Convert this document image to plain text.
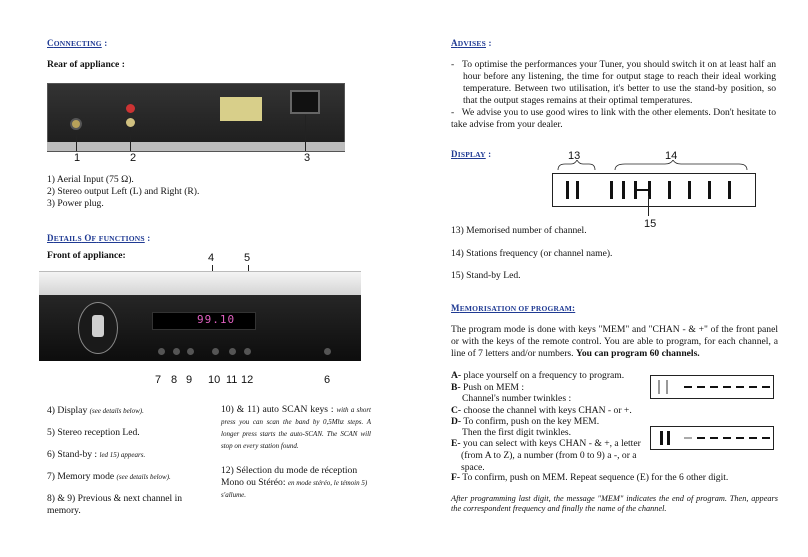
CONNECTING :
Rear of appliance :
1	2	3
1) Aerial Input (75 Ω).
2) Stereo output Left (L) and Right (R).
3) Power plug.
DETAILS OF FUNCTIONS :
Front of appliance:	4	5
99.10
7 8 9 10 11 12	6
4) Display (see details below).
5) Stereo reception Led.
6) Stand-by : led 15) appears.
7) Memory mode (see details below).
8) & 9) Previous & next channel in memory.
10) & 11) auto SCAN keys : with a short press you can scan the band by 0,5Mhz steps. A longer press starts the auto-SCAN. The SCAN will stop on every station found.
12) Sélection du mode de réception Mono ou Stéréo: en mode stéréo, le témoin 5) s'allume.
ADVISES :
-   To optimise the performances your Tuner, you should switch it on at least half an hour before any listening, the time for output stage to reach their ideal working temperature. Between two utilisation, it's better to use the stand-by position, so that the output stages remains at their optimal temperatures.
-   We advise you to use good wires to link with the other elements. Don't hesitate to take advise from your dealer.
DISPLAY :	13	14
15
13) Memorised number of channel.
14) Stations frequency (or channel name).
15) Stand-by Led.
MEMORISATION OF PROGRAM:
The program mode is done with keys "MEM" and "CHAN - & +" of the front panel or with the keys of the remote control. You are able to program, for each channel, a line of 7 letters and/or numbers. You can program 60 channels.
A- place yourself on a frequency to program.
B- Push on MEM :
Channel's number twinkles :
C- choose the channel with keys CHAN - or +.
D- To confirm, push on the key MEM.
Then the first digit twinkles.
E- you can select with keys CHAN - & +, a letter (from A to Z), a number (from 0 to 9) a -, or a space.
F- To confirm, push on MEM. Repeat sequence (E) for the 6 other digit.
After programming last digit, the message "MEM" indicates the end of program. Then, appears the correspondent frequency and finally the name of the channel.
